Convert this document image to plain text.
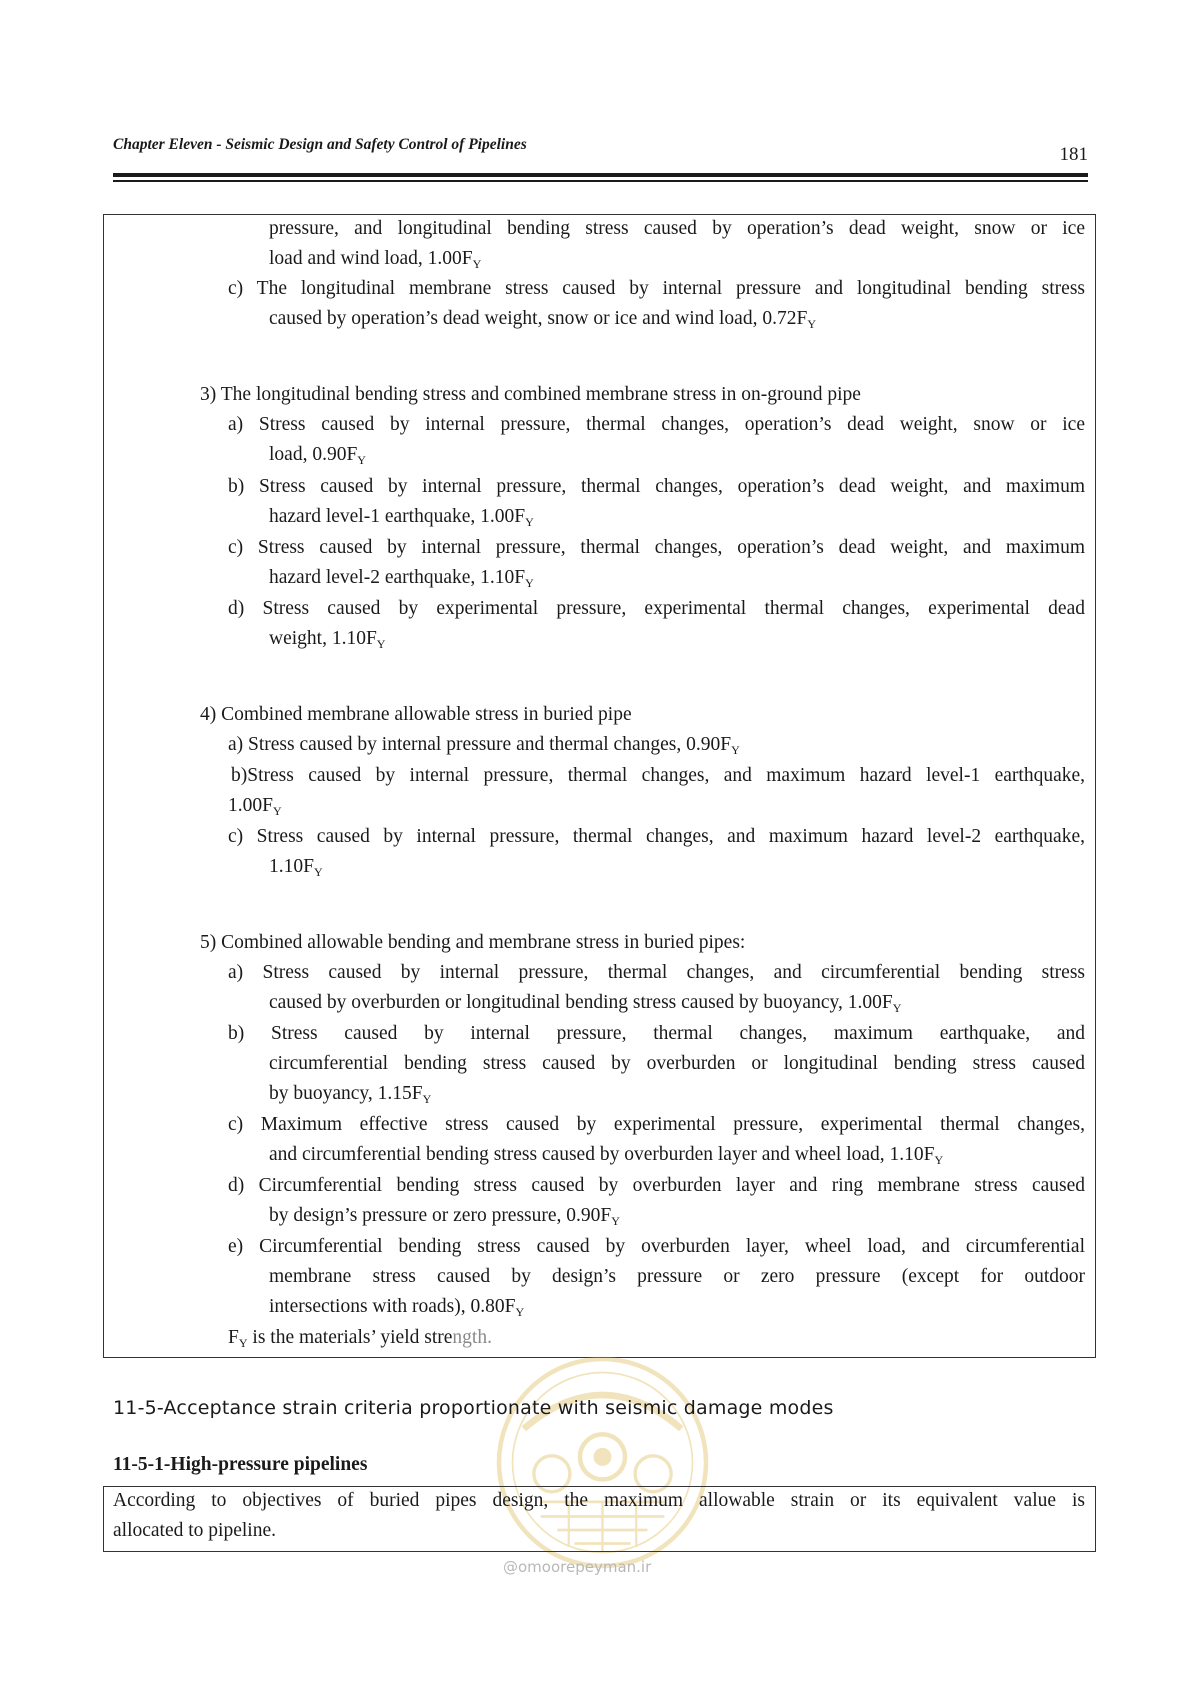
Chapter Eleven - Seismic Design and Safety Control of Pipelines	181
pressure, and longitudinal bending stress caused by operation’s dead weight, snow or ice
load and wind load, $1.00F_Y$
c) The longitudinal membrane stress caused by internal pressure and longitudinal bending stress
caused by operation’s dead weight, snow or ice and wind load, $0.72F_Y$
3) The longitudinal bending stress and combined membrane stress in on-ground pipe
a) Stress caused by internal pressure, thermal changes, operation’s dead weight, snow or ice
load, $0.90F_Y$
b) Stress caused by internal pressure, thermal changes, operation’s dead weight, and maximum
hazard level-1 earthquake, $1.00F_Y$
c) Stress caused by internal pressure, thermal changes, operation’s dead weight, and maximum
hazard level-2 earthquake, $1.10F_Y$
d) Stress caused by experimental pressure, experimental thermal changes, experimental dead
weight, $1.10F_Y$
4) Combined membrane allowable stress in buried pipe
a) Stress caused by internal pressure and thermal changes, $0.90F_Y$
b)Stress caused by internal pressure, thermal changes, and maximum hazard level-1 earthquake,
$1.00F_Y$
c) Stress caused by internal pressure, thermal changes, and maximum hazard level-2 earthquake,
$1.10F_Y$
5) Combined allowable bending and membrane stress in buried pipes:
a) Stress caused by internal pressure, thermal changes, and circumferential bending stress
caused by overburden or longitudinal bending stress caused by buoyancy, $1.00F_Y$
b) Stress caused by internal pressure, thermal changes, maximum earthquake, and
circumferential bending stress caused by overburden or longitudinal bending stress caused
by buoyancy, $1.15F_Y$
c) Maximum effective stress caused by experimental pressure, experimental thermal changes,
and circumferential bending stress caused by overburden layer and wheel load, $1.10F_Y$
d) Circumferential bending stress caused by overburden layer and ring membrane stress caused
by design’s pressure or zero pressure, $0.90F_Y$
e) Circumferential bending stress caused by overburden layer, wheel load, and circumferential
membrane stress caused by design’s pressure or zero pressure (except for outdoor
intersections with roads), $0.80F_Y$
$F_Y$ is the materials’ yield strength.
11-5-Acceptance strain criteria proportionate with seismic damage modes
11-5-1-High-pressure pipelines
According to objectives of buried pipes design, the maximum allowable strain or its equivalent value is
allocated to pipeline.
@omoorepeyman.ir
